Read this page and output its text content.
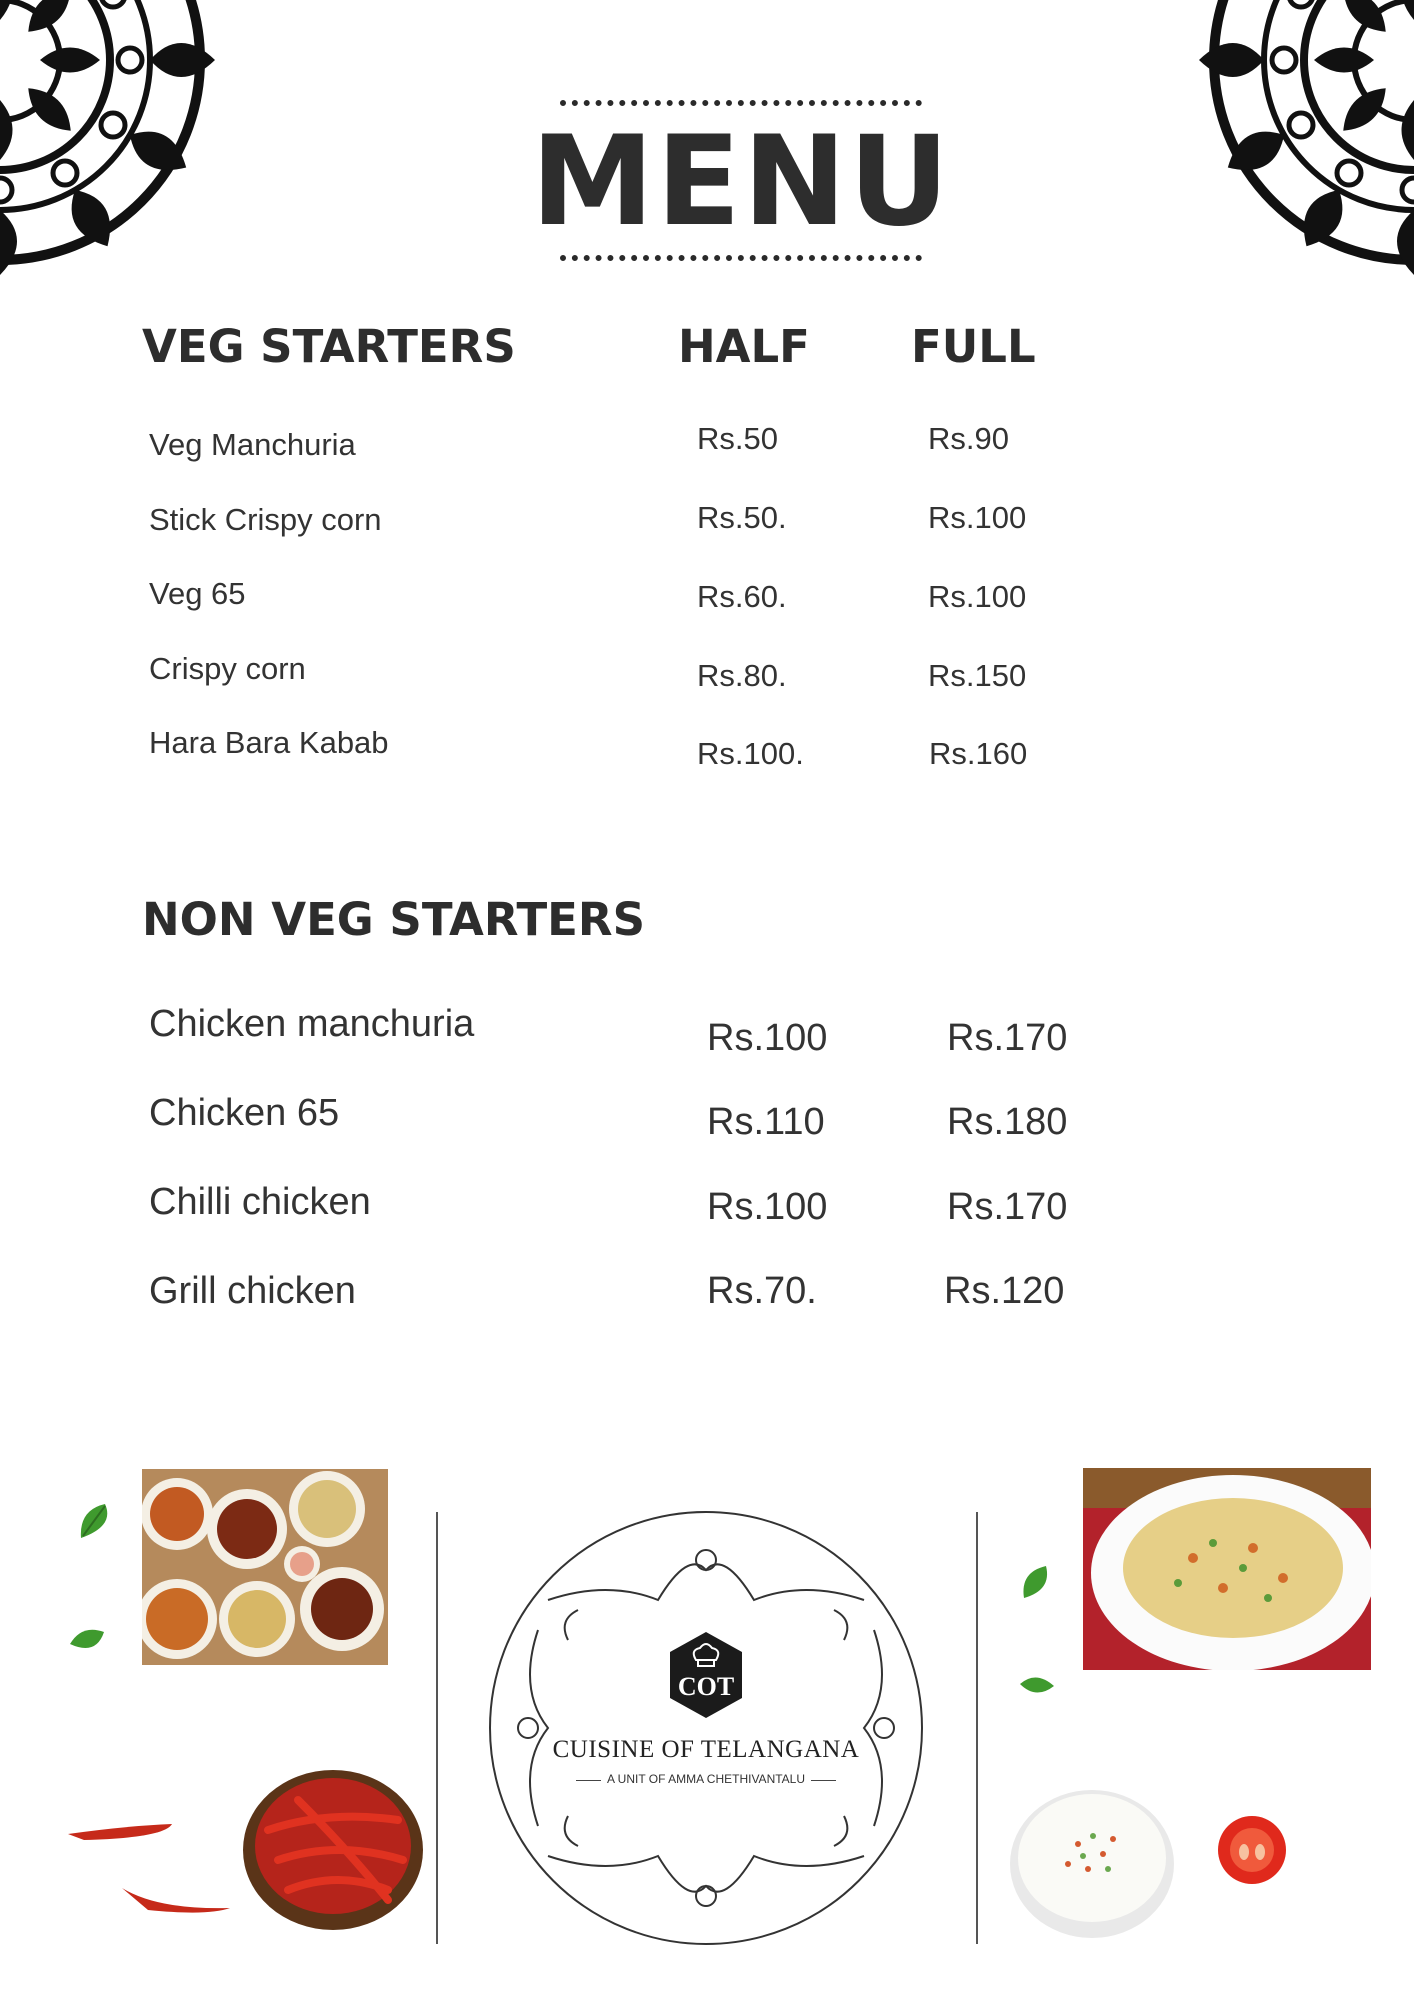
MENU
VEG STARTERS	HALF FULL
Veg Manchuria	Rs.50	Rs.90
Stick Crispy corn	Rs.50.	Rs.100
Veg 65	Rs.60.	Rs.100
Crispy corn	Rs.80.	Rs.150
Hara Bara Kabab	Rs.100.	Rs.160
NON VEG STARTERS
Chicken manchuria	Rs.100	Rs.170
Chicken 65	Rs.110	Rs.180
Chilli chicken	Rs.100	Rs.170
Grill chicken	Rs.70.	Rs.120
COT
CUISINE OF TELANGANA
A UNIT OF AMMA CHETHIVANTALU
